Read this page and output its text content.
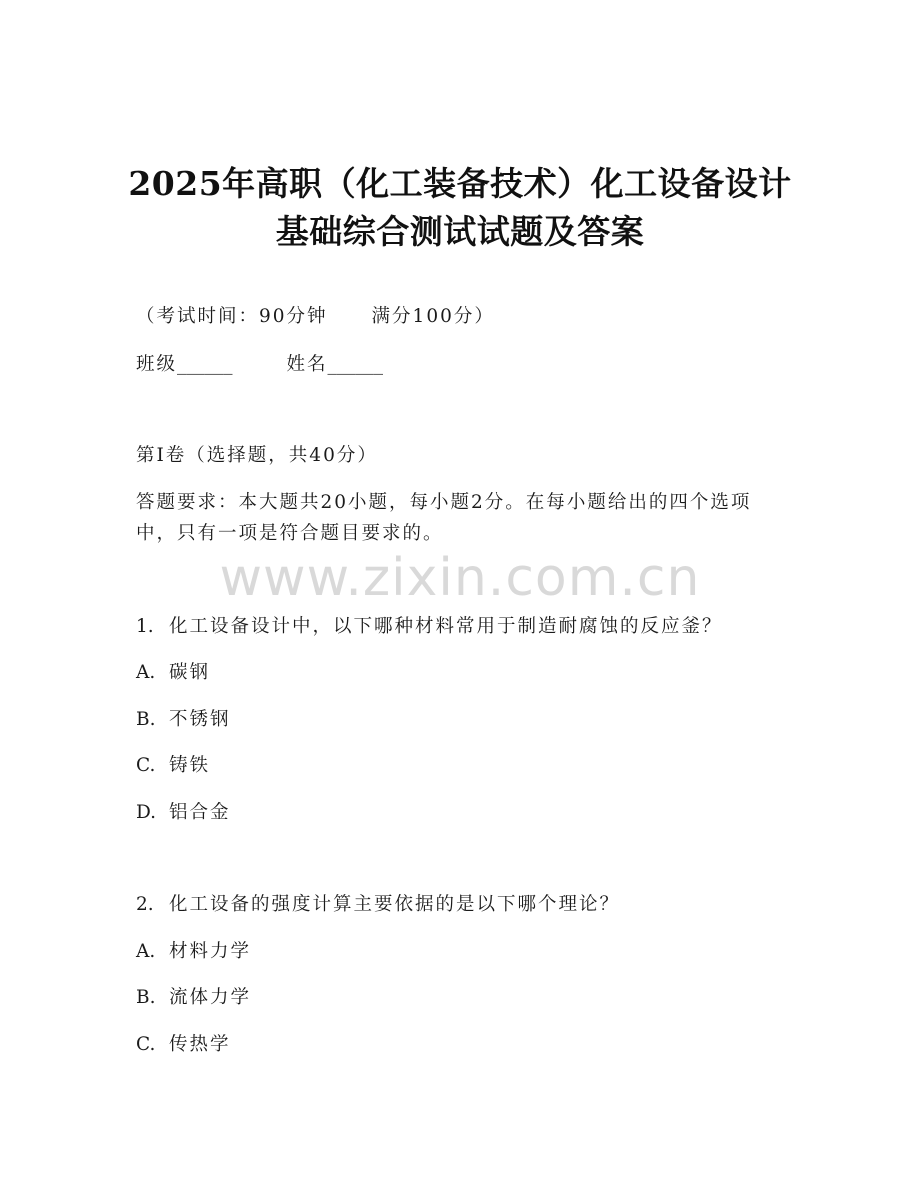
2025年高职（化工装备技术）化工设备设计
基础综合测试试题及答案
（考试时间：90分钟 满分100分）
班级______	姓名______
第I卷（选择题，共40分）
答题要求：本大题共20小题，每小题2分。在每小题给出的四个选项
中，只有一项是符合题目要求的。
www.zixin.com.cn
1. 化工设备设计中，以下哪种材料常用于制造耐腐蚀的反应釜？
A. 碳钢
B. 不锈钢
C. 铸铁
D. 铝合金
2. 化工设备的强度计算主要依据的是以下哪个理论？
A. 材料力学
B. 流体力学
C. 传热学
